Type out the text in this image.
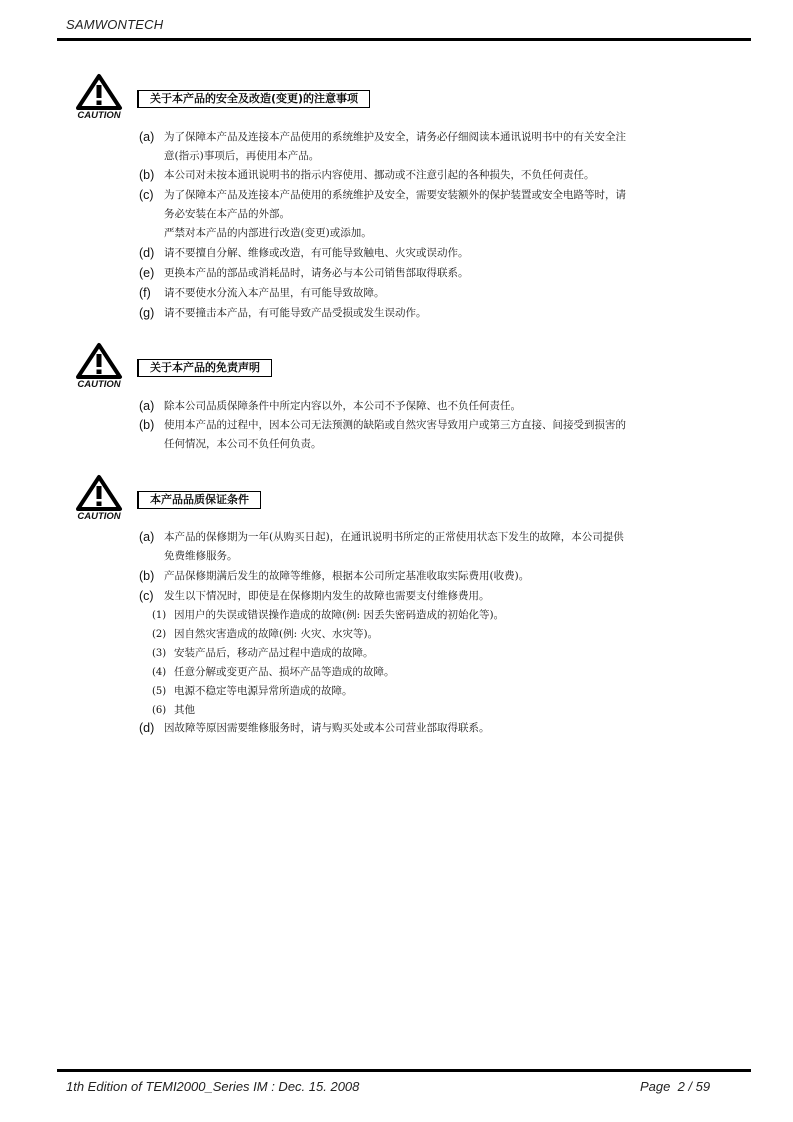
SAMWONTECH
CAUTION
关于本产品的安全及改造(变更)的注意事项
(a) 为了保障本产品及连接本产品使用的系统维护及安全，请务必仔细阅读本通讯说明书中的有关安全注
意(指示)事项后，再使用本产品。
(b) 本公司对未按本通讯说明书的指示内容使用、挪动或不注意引起的各种损失，不负任何责任。
(c) 为了保障本产品及连接本产品使用的系统维护及安全，需要安装额外的保护装置或安全电路等时，请
务必安装在本产品的外部。
严禁对本产品的内部进行改造(变更)或添加。
(d) 请不要擅自分解、维修或改造，有可能导致触电、火灾或误动作。
(e) 更换本产品的部品或消耗品时，请务必与本公司销售部取得联系。
(f) 请不要使水分流入本产品里，有可能导致故障。
(g) 请不要撞击本产品，有可能导致产品受损或发生误动作。
CAUTION
关于本产品的免责声明
(a) 除本公司品质保障条件中所定内容以外，本公司不予保障、也不负任何责任。
(b) 使用本产品的过程中，因本公司无法预测的缺陷或自然灾害导致用户或第三方直接、间接受到损害的
任何情况，本公司不负任何负责。
CAUTION
本产品品质保证条件
(a) 本产品的保修期为一年(从购买日起)，在通讯说明书所定的正常使用状态下发生的故障，本公司提供
免费维修服务。
(b) 产品保修期满后发生的故障等维修，根据本公司所定基准收取实际费用(收费)。
(c) 发生以下情况时，即使是在保修期内发生的故障也需要支付维修费用。
(1) 因用户的失误或错误操作造成的故障(例: 因丢失密码造成的初始化等)。
(2) 因自然灾害造成的故障(例: 火灾、水灾等)。
(3) 安装产品后，移动产品过程中造成的故障。
(4) 任意分解或变更产品、损坏产品等造成的故障。
(5) 电源不稳定等电源异常所造成的故障。
(6) 其他
(d) 因故障等原因需要维修服务时，请与购买处或本公司营业部取得联系。
1th Edition of TEMI2000_Series IM : Dec. 15. 2008	Page  2 / 59
